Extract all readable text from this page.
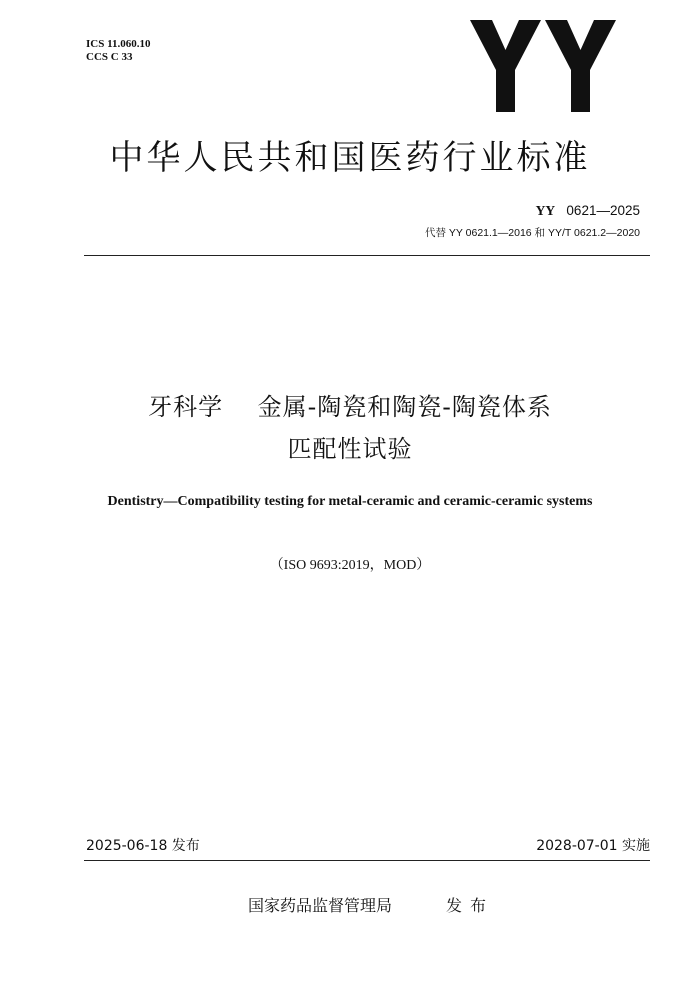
ICS 11.060.10
CCS C 33
中华人民共和国医药行业标准
YY 0621—2025
代替 YY 0621.1—2016 和 YY/T 0621.2—2020
牙科学    金属-陶瓷和陶瓷-陶瓷体系
匹配性试验
Dentistry—Compatibility testing for metal-ceramic and ceramic-ceramic systems
（ISO 9693:2019，MOD）
2025-06-18 发布	2028-07-01 实施
国家药品监督管理局	发布
